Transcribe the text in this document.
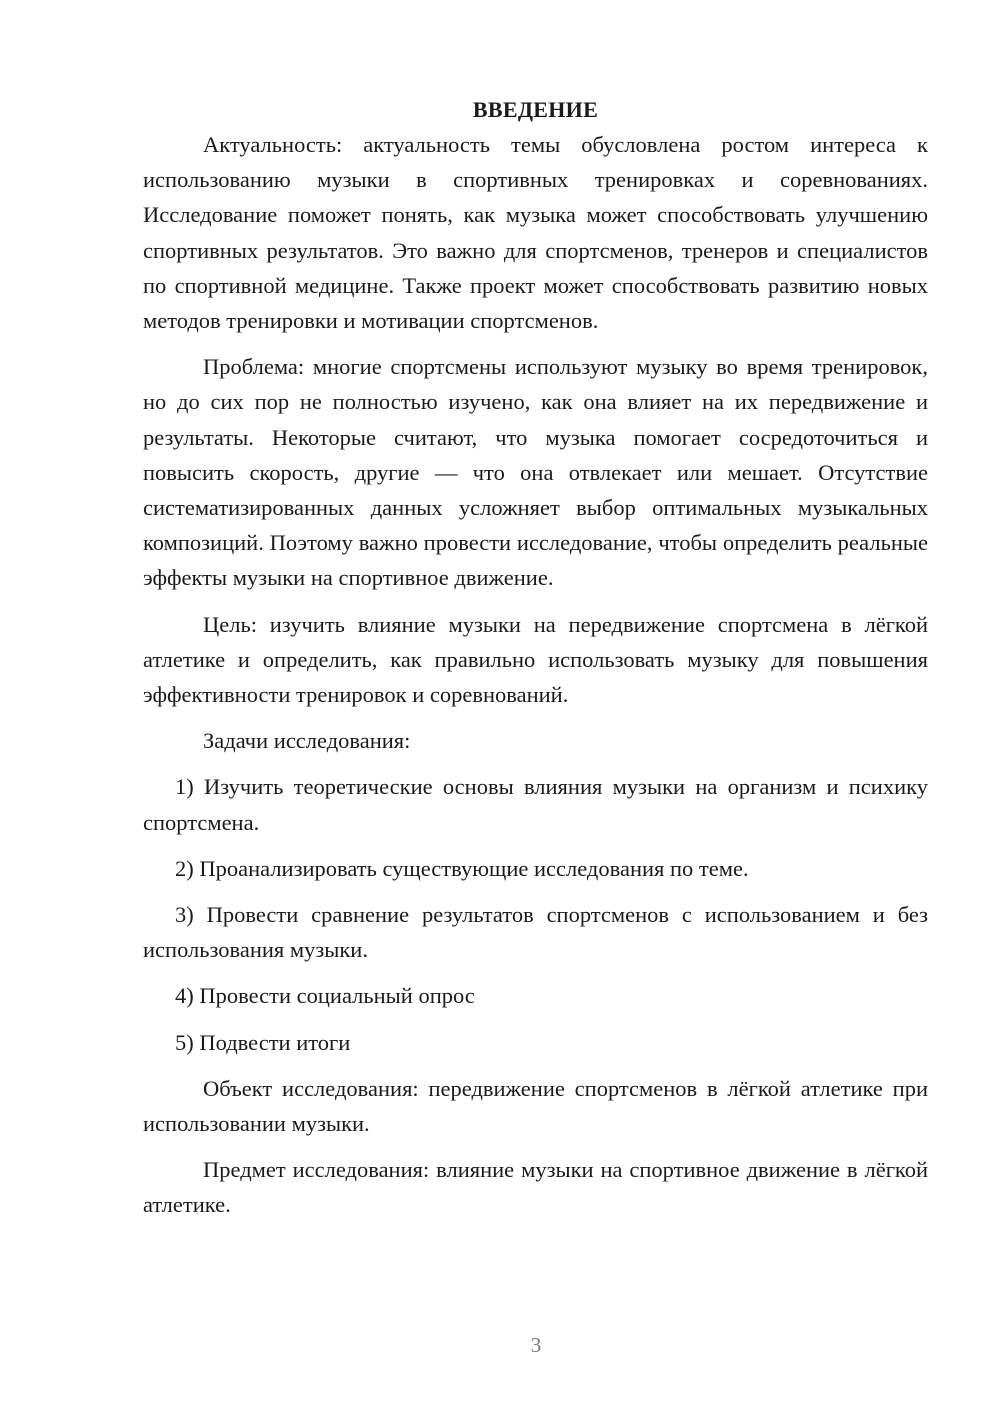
ВВЕДЕНИЕ

Актуальность: актуальность темы обусловлена ростом интереса к использованию музыки в спортивных тренировках и соревнованиях. Исследование поможет понять, как музыка может способствовать улучшению спортивных результатов. Это важно для спортсменов, тренеров и специалистов по спортивной медицине. Также проект может способствовать развитию новых методов тренировки и мотивации спортсменов.

Проблема: многие спортсмены используют музыку во время тренировок, но до сих пор не полностью изучено, как она влияет на их передвижение и результаты. Некоторые считают, что музыка помогает сосредоточиться и повысить скорость, другие — что она отвлекает или мешает. Отсутствие систематизированных данных усложняет выбор оптимальных музыкальных композиций. Поэтому важно провести исследование, чтобы определить реальные эффекты музыки на спортивное движение.

Цель: изучить влияние музыки на передвижение спортсмена в лёгкой атлетике и определить, как правильно использовать музыку для повышения эффективности тренировок и соревнований.

Задачи исследования:

1) Изучить теоретические основы влияния музыки на организм и психику спортсмена.

2) Проанализировать существующие исследования по теме.

3) Провести сравнение результатов спортсменов с использованием и без использования музыки.

4) Провести социальный опрос

5) Подвести итоги

Объект исследования: передвижение спортсменов в лёгкой атлетике при использовании музыки.

Предмет исследования: влияние музыки на спортивное движение в лёгкой атлетике.

3
